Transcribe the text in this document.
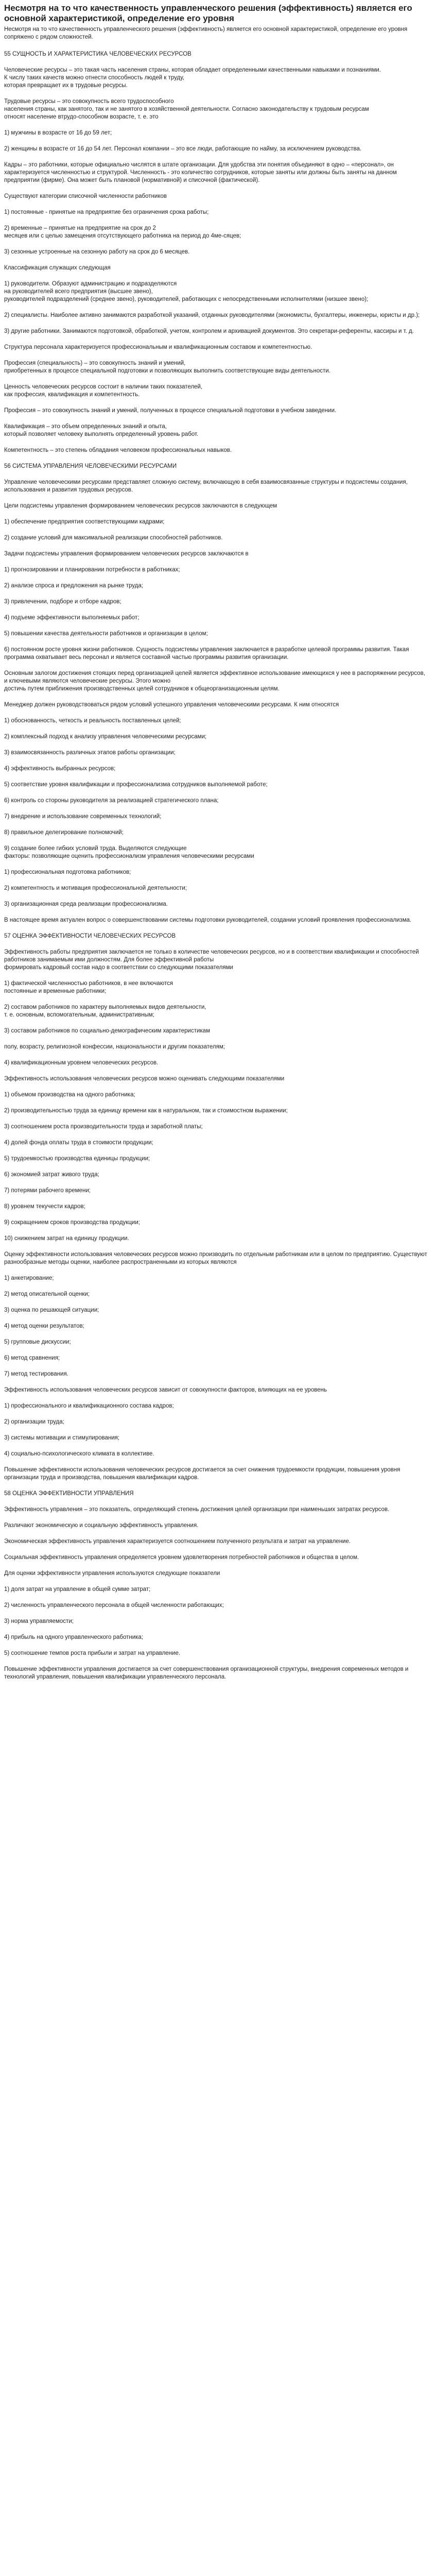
Несмотря на то что качественность управленческого решения (эффективность) является его основной характеристикой, определение его уровня

Несмотря на то что качественность управленческого решения (эффективность) является его основной характеристикой, определение его уровня сопряжено с рядом сложностей.

55 СУЩНОСТЬ И ХАРАКТЕРИСТИКА ЧЕЛОВЕЧЕСКИХ РЕСУРСОВ

Человеческие ресурсы – это такая часть населения страны, которая обладает определенными качественными навыками и познаниями.
К числу таких качеств можно отнести способность людей к труду,
которая превращает их в трудовые ресурсы.

Трудовые ресурсы – это совокупность всего трудоспособного
населения страны, как занятого, так и не занятого в хозяйственной деятельности. Согласно законодательству к трудовым ресурсам
относят население втрудо-способном возрасте, т. е. это

1) мужчины в возрасте от 16 до 59 лет;

2) женщины в возрасте от 16 до 54 лет. Персонал компании – это все люди, работающие по найму, за исключением руководства.

Кадры – это работники, которые официально числятся в штате организации. Для удобства эти понятия объединяют в одно – «персонал», он
характеризуется численностью и структурой. Численность - это количество сотрудников, которые заняты или должны быть заняты на данном предприятии (фирме). Она может быть плановой (нормативной) и списочной (фактической).

Существуют категории списочной численности работников

1) постоянные - принятые на предприятие без ограничения срока работы;

2) временные – принятые на предприятие на срок до 2
месяцев или с целью замещения отсутствующего работника на период до 4ме-сяцев;

3) сезонные устроенные на сезонную работу на срок до 6 месяцев.

Классификация служащих следующая

1) руководители. Образуют администрацию и подразделяются
на руководителей всего предприятия (высшее звено),
руководителей подразделений (среднее звено), руководителей, работающих с непосредственными исполнителями (низшее звено);

2) специалисты. Наиболее активно занимаются разработкой указаний, отданных руководителями (экономисты, бухгалтеры, инженеры, юристы и др.);

3) другие работники. Занимаются подготовкой, обработкой, учетом, контролем и архивацией документов. Это секретари-референты, кассиры и т. д.

Структура персонала характеризуется профессиональным и квалификационным составом и компетентностью.

Профессия (специальность) – это совокупность знаний и умений,
приобретенных в процессе специальной подготовки и позволяющих выполнить соответствующие виды деятельности.

Ценность человеческих ресурсов состоит в наличии таких показателей,
как профессия, квалификация и компетентность.

Профессия – это совокупность знаний и умений, полученных в процессе специальной подготовки в учебном заведении.

Квалификация – это объем определенных знаний и опыта,
который позволяет человеку выполнять определенный уровень работ.

Компетентность – это степень обладания человеком профессиональных навыков.

56 СИСТЕМА УПРАВЛЕНИЯ ЧЕЛОВЕЧЕСКИМИ РЕСУРСАМИ

Управление человеческими ресурсами представляет сложную систему, включающую в себя взаимосвязанные структуры и подсистемы создания, использования и развития трудовых ресурсов.

Цели подсистемы управления формированием человеческих ресурсов заключаются в следующем

1) обеспечение предприятия соответствующими кадрами;

2) создание условий для максимальной реализации способностей работников.

Задачи подсистемы управления формированием человеческих ресурсов заключаются в

1) прогнозировании и планировании потребности в работниках;

2) анализе спроса и предложения на рынке труда;

3) привлечении, подборе и отборе кадров;

4) подъеме эффективности выполняемых работ;

5) повышении качества деятельности работников и организации в целом;

6) постоянном росте уровня жизни работников. Сущность подсистемы управления заключается в разработке целевой программы развития. Такая программа охватывает весь персонал и является составной частью программы развития организации.

Основным залогом достижения стоящих перед организацией целей является эффективное использование имеющихся у нее в распоряжении ресурсов,
и ключевыми являются человеческие ресурсы. Этого можно
достичь путем приближения производственных целей сотрудников к общеорганизационным целям.

Менеджер должен руководствоваться рядом условий успешного управления человеческими ресурсами. К ним относятся

1) обоснованность, четкость и реальность поставленных целей;

2) комплексный подход к анализу управления человеческими ресурсами;

3) взаимосвязанность различных этапов работы организации;

4) эффективность выбранных ресурсов;

5) соответствие уровня квалификации и профессионализма сотрудников выполняемой работе;

6) контроль со стороны руководителя за реализацией стратегического плана;

7) внедрение и использование современных технологий;

8) правильное делегирование полномочий;

9) создание более гибких условий труда. Выделяются следующие
факторы: позволяющие оценить профессионализм управления человеческими ресурсами

1) профессиональная подготовка работников;

2) компетентность и мотивация профессиональной деятельности;

3) организационная среда реализации профессионализма.

В настоящее время актуален вопрос о совершенствовании системы подготовки руководителей, создании условий проявления профессионализма.

57 ОЦЕНКА ЭФФЕКТИВНОСТИ ЧЕЛОВЕЧЕСКИХ РЕСУРСОВ

Эффективность работы предприятия заключается не только в количестве человеческих ресурсов, но и в соответствии квалификации и способностей работников занимаемым ими должностям. Для более эффективной работы
формировать кадровый состав надо в соответствии со следующими показателями

1) фактической численностью работников, в нее включаются
постоянные и временные работники;

2) составом работников по характеру выполняемых видов деятельности,
т. е. основным, вспомогательным, административным;

3) составом работников по социально-демографическим характеристикам

полу, возрасту, религиозной конфессии, национальности и другим показателям;

4) квалификационным уровнем человеческих ресурсов.

Эффективность использования человеческих ресурсов можно оценивать следующими показателями

1) объемом производства на одного работника;

2) производительностью труда за единицу времени как в натуральном, так и стоимостном выражении;

3) соотношением роста производительности труда и заработной платы;

4) долей фонда оплаты труда в стоимости продукции;

5) трудоемкостью производства единицы продукции;

6) экономией затрат живого труда;

7) потерями рабочего времени;

8) уровнем текучести кадров;

9) сокращением сроков производства продукции;

10) снижением затрат на единицу продукции.

Оценку эффективности использования человеческих ресурсов можно производить по отдельным работникам или в целом по предприятию. Существуют разнообразные методы оценки, наиболее распространенными из которых являются

1) анкетирование;

2) метод описательной оценки;

3) оценка по решающей ситуации;

4) метод оценки результатов;

5) групповые дискуссии;

6) метод сравнения;

7) метод тестирования.

Эффективность использования человеческих ресурсов зависит от совокупности факторов, влияющих на ее уровень

1) профессионального и квалификационного состава кадров;

2) организации труда;

3) системы мотивации и стимулирования;

4) социально-психологического климата в коллективе.

Повышение эффективности использования человеческих ресурсов достигается за счет снижения трудоемкости продукции, повышения уровня организации труда и производства, повышения квалификации кадров.

58 ОЦЕНКА ЭФФЕКТИВНОСТИ УПРАВЛЕНИЯ

Эффективность управления – это показатель, определяющий степень достижения целей организации при наименьших затратах ресурсов.

Различают экономическую и социальную эффективность управления.

Экономическая эффективность управления характеризуется соотношением полученного результата и затрат на управление.

Социальная эффективность управления определяется уровнем удовлетворения потребностей работников и общества в целом.

Для оценки эффективности управления используются следующие показатели

1) доля затрат на управление в общей сумме затрат;

2) численность управленческого персонала в общей численности работающих;

3) норма управляемости;

4) прибыль на одного управленческого работника;

5) соотношение темпов роста прибыли и затрат на управление.

Повышение эффективности управления достигается за счет совершенствования организационной структуры, внедрения современных методов и технологий управления, повышения квалификации управленческого персонала.
